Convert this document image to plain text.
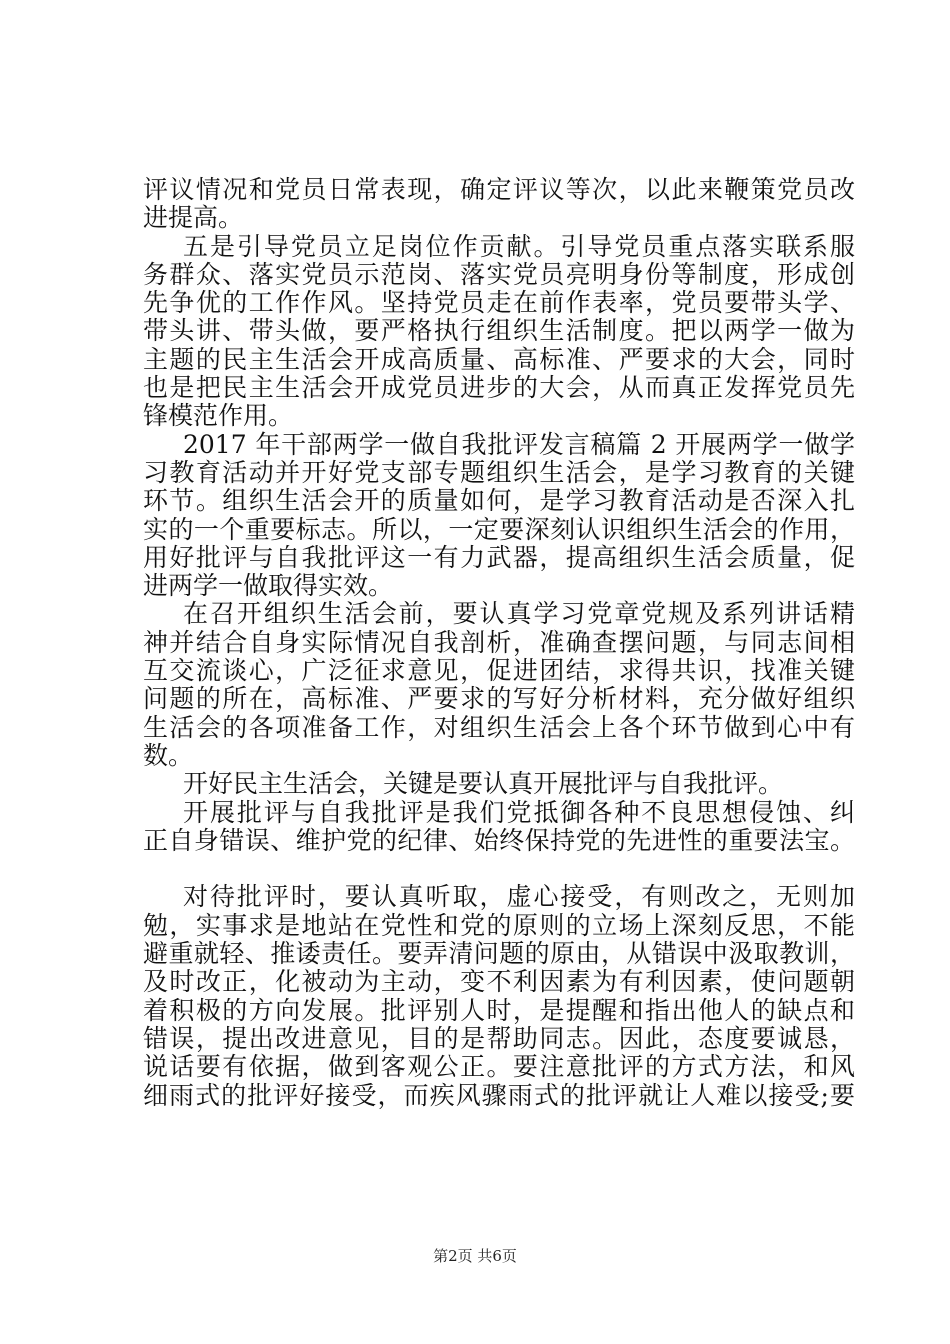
评议情况和党员日常表现，确定评议等次，以此来鞭策党员改
进提高。
五是引导党员立足岗位作贡献。引导党员重点落实联系服
务群众、落实党员示范岗、落实党员亮明身份等制度，形成创
先争优的工作作风。坚持党员走在前作表率，党员要带头学、
带头讲、带头做，要严格执行组织生活制度。把以两学一做为
主题的民主生活会开成高质量、高标准、严要求的大会，同时
也是把民主生活会开成党员进步的大会，从而真正发挥党员先
锋模范作用。
2017 年干部两学一做自我批评发言稿篇 2 开展两学一做学
习教育活动并开好党支部专题组织生活会，是学习教育的关键
环节。组织生活会开的质量如何，是学习教育活动是否深入扎
实的一个重要标志。所以，一定要深刻认识组织生活会的作用，
用好批评与自我批评这一有力武器，提高组织生活会质量，促
进两学一做取得实效。
在召开组织生活会前，要认真学习党章党规及系列讲话精
神并结合自身实际情况自我剖析，准确查摆问题，与同志间相
互交流谈心，广泛征求意见，促进团结，求得共识，找准关键
问题的所在，高标准、严要求的写好分析材料，充分做好组织
生活会的各项准备工作，对组织生活会上各个环节做到心中有
数。
开好民主生活会，关键是要认真开展批评与自我批评。
开展批评与自我批评是我们党抵御各种不良思想侵蚀、纠
正自身错误、维护党的纪律、始终保持党的先进性的重要法宝。
对待批评时，要认真听取，虚心接受，有则改之，无则加
勉，实事求是地站在党性和党的原则的立场上深刻反思，不能
避重就轻、推诿责任。要弄清问题的原由，从错误中汲取教训，
及时改正，化被动为主动，变不利因素为有利因素，使问题朝
着积极的方向发展。批评别人时，是提醒和指出他人的缺点和
错误，提出改进意见，目的是帮助同志。因此，态度要诚恳，
说话要有依据，做到客观公正。要注意批评的方式方法，和风
细雨式的批评好接受，而疾风骤雨式的批评就让人难以接受;要
第2页 共6页
